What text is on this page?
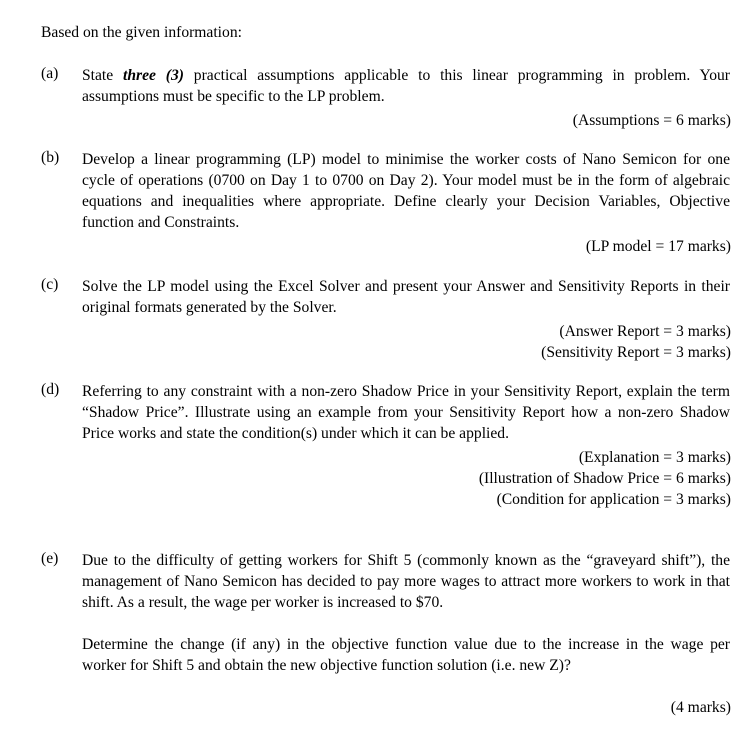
Based on the given information:
(a)	State three (3) practical assumptions applicable to this linear programming in problem. Your assumptions must be specific to the LP problem.

(Assumptions = 6 marks)
(b)	Develop a linear programming (LP) model to minimise the worker costs of Nano Semicon for one cycle of operations (0700 on Day 1 to 0700 on Day 2). Your model must be in the form of algebraic equations and inequalities where appropriate. Define clearly your Decision Variables, Objective function and Constraints.

(LP model = 17 marks)
(c)	Solve the LP model using the Excel Solver and present your Answer and Sensitivity Reports in their original formats generated by the Solver.

(Answer Report = 3 marks)
(Sensitivity Report = 3 marks)
(d)	Referring to any constraint with a non-zero Shadow Price in your Sensitivity Report, explain the term “Shadow Price”. Illustrate using an example from your Sensitivity Report how a non-zero Shadow Price works and state the condition(s) under which it can be applied.

(Explanation = 3 marks)
(Illustration of Shadow Price = 6 marks)
(Condition for application = 3 marks)
(e)	Due to the difficulty of getting workers for Shift 5 (commonly known as the “graveyard shift”), the management of Nano Semicon has decided to pay more wages to attract more workers to work in that shift. As a result, the wage per worker is increased to $70.

Determine the change (if any) in the objective function value due to the increase in the wage per worker for Shift 5 and obtain the new objective function solution (i.e. new Z)?

(4 marks)
